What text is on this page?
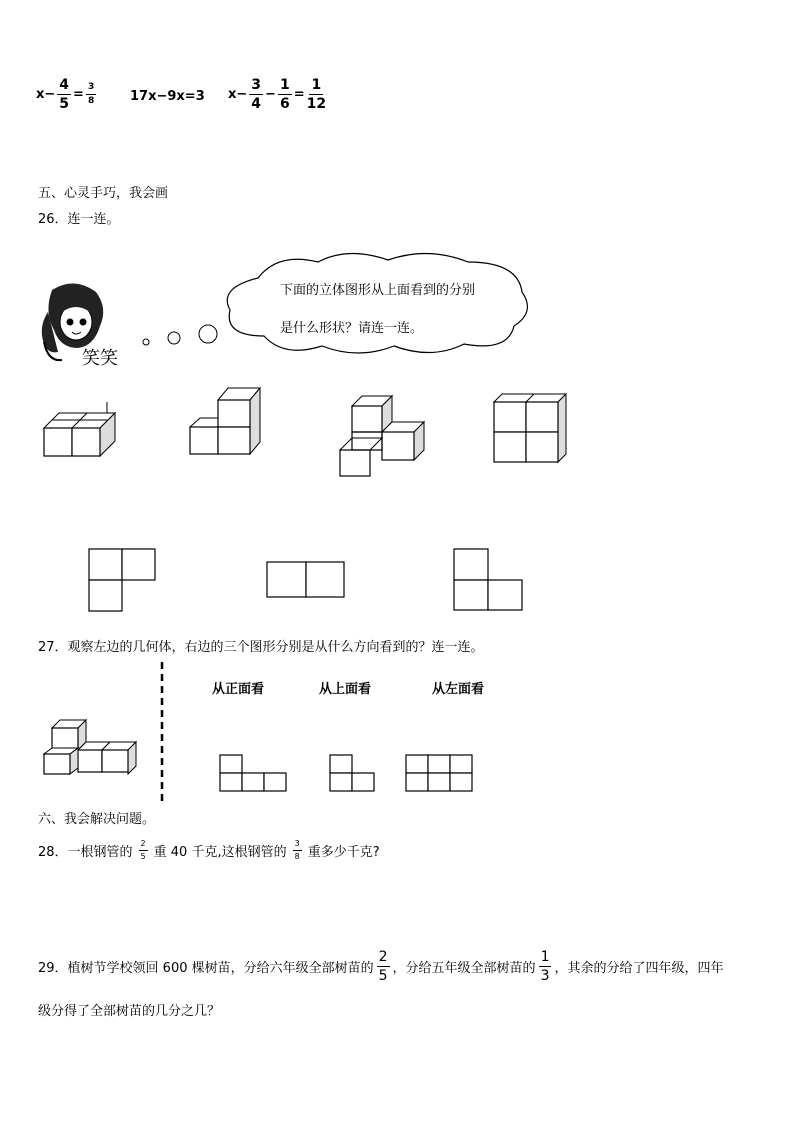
$x - \frac{4}{5} = \frac{3}{8}$	17x−9x=3 $x - \frac{3}{4} - \frac{1}{6} = \frac{1}{12}$
五、心灵手巧，我会画
26．连一连。
笑笑
下面的立体图形从上面看到的分别
是什么形状？请连一连。
27．观察左边的几何体，右边的三个图形分别是从什么方向看到的？连一连。
从正面看	从上面看	从左面看
六、我会解决问题。
28．一根钢管的 $\frac{2}{5}$ 重 40 千克,这根钢管的 $\frac{3}{8}$ 重多少千克?
29．植树节学校领回 600 棵树苗，分给六年级全部树苗的 $\frac{2}{5}$ ，分给五年级全部树苗的 $\frac{1}{3}$ ，其余的分给了四年级，四年
级分得了全部树苗的几分之几？
